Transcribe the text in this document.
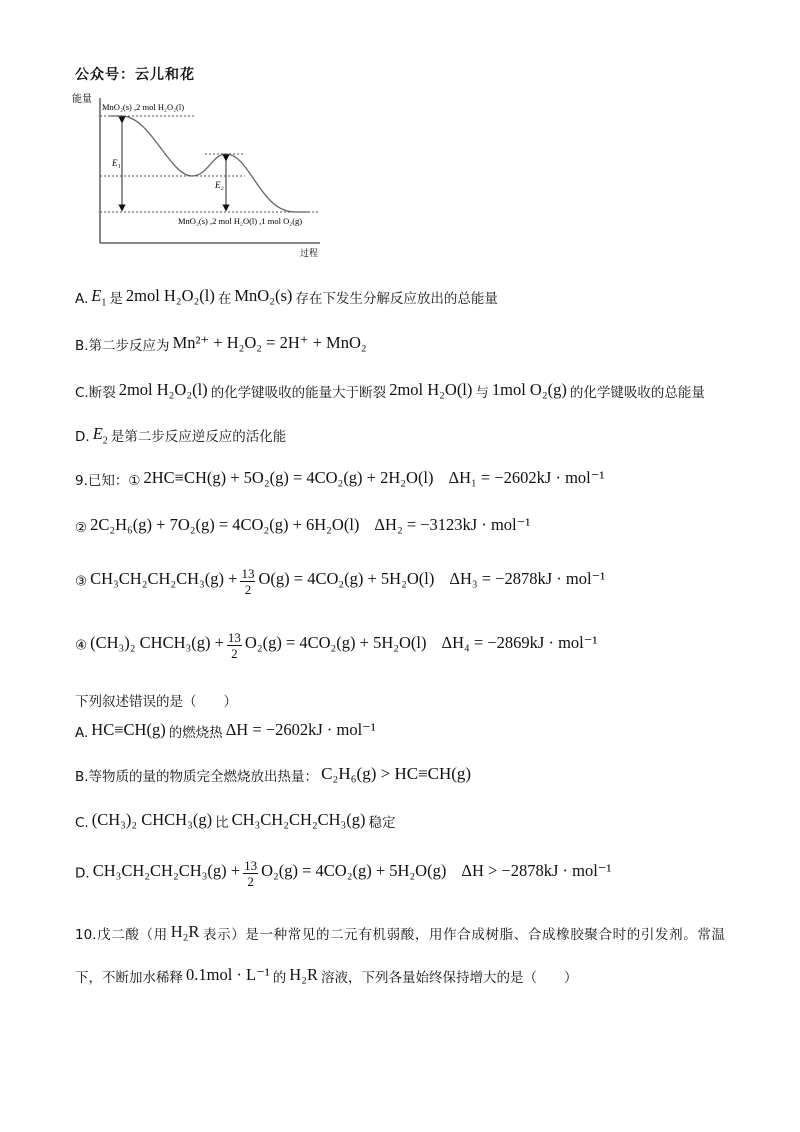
公众号：云儿和花
能量
过程
E₁
E₂
MnO₂(s) ,2 mol H₂O₂(l)
MnO₂(s) ,2 mol H₂O(l) ,1 mol O₂(g)
A. $E_1$ 是 2mol H₂O₂(l) 在 MnO₂(s) 存在下发生分解反应放出的总能量
B.第二步反应为 Mn²⁺ + H₂O₂ = 2H⁺ + MnO₂
C.断裂 2mol H₂O₂(l) 的化学键吸收的能量大于断裂 2mol H₂O(l) 与 1mol O₂(g) 的化学键吸收的总能量
D. $E_2$ 是第二步反应逆反应的活化能
9.已知：① 2HC≡CH(g) + 5O₂(g) = 4CO₂(g) + 2H₂O(l) ΔH₁ = −2602kJ · mol⁻¹
② 2C₂H₆(g) + 7O₂(g) = 4CO₂(g) + 6H₂O(l) ΔH₂ = −3123kJ · mol⁻¹
③ $CH_3CH_2CH_2CH_3(g) + \frac{13}{2} O(g) = 4CO_2(g) + 5H_2O(l) \Delta H_3 = -2878kJ \cdot mol^{-1}$
④ (CH₃)₂ CHCH₃(g) + $\frac{13}{2} O_2(g) = 4CO_2(g) + 5H_2O(l) \Delta H_4 = -2869kJ \cdot mol^{-1}$
下列叙述错误的是（　　）
A. HC≡CH(g) 的燃烧热 ΔH = −2602kJ · mol⁻¹
B.等物质的量的物质完全燃烧放出热量： C₂H₆(g) > HC≡CH(g)
C. (CH₃)₂ CHCH₃(g) 比 CH₃CH₂CH₂CH₃(g) 稳定
D. $CH_3CH_2CH_2CH_3(g) + \frac{13}{2} O_2(g) = 4CO_2(g) + 5H_2O(g) \Delta H > -2878kJ \cdot mol^{-1}$
10.戊二酸（用 H₂R 表示）是一种常见的二元有机弱酸，用作合成树脂、合成橡胶聚合时的引发剂。常温下，不断加水稀释 0.1mol · L⁻¹ 的 H₂R 溶液，下列各量始终保持增大的是（　　）
